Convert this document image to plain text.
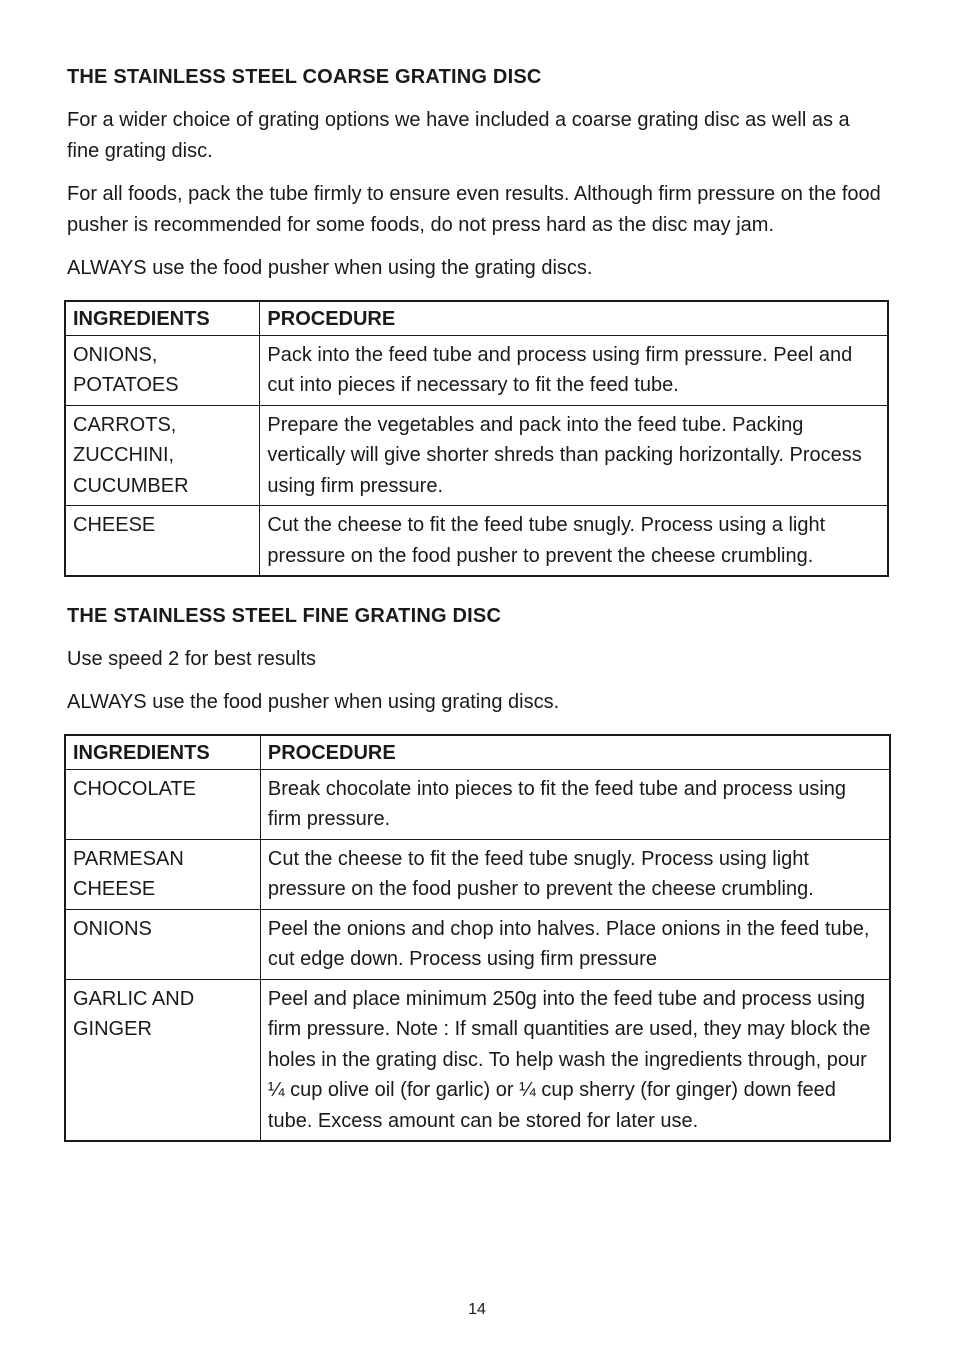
THE STAINLESS STEEL COARSE GRATING DISC

For a wider choice of grating options we have included a coarse grating disc as well as a fine grating disc.

For all foods, pack the tube firmly to ensure even results. Although firm pressure on the food pusher is recommended for some foods, do not press hard as the disc may jam.

ALWAYS use the food pusher when using the grating discs.

INGREDIENTS	PROCEDURE

ONIONS,
POTATOES	Pack into the feed tube and process using firm pressure. Peel and cut into pieces if necessary to fit the feed tube.

CARROTS,
ZUCCHINI,
CUCUMBER	Prepare the vegetables and pack into the feed tube. Packing vertically will give shorter shreds than packing horizontally. Process using firm pressure.

CHEESE	Cut the cheese to fit the feed tube snugly. Process using a light pressure on the food pusher to prevent the cheese crumbling.
THE STAINLESS STEEL FINE GRATING DISC

Use speed 2 for best results

ALWAYS use the food pusher when using grating discs.

INGREDIENTS	PROCEDURE

CHOCOLATE	Break chocolate into pieces to fit the feed tube and process using firm pressure.

PARMESAN
CHEESE	Cut the cheese to fit the feed tube snugly. Process using light pressure on the food pusher to prevent the cheese crumbling.

ONIONS	Peel the onions and chop into halves. Place onions in the feed tube, cut edge down. Process using firm pressure

GARLIC AND
GINGER	Peel and place minimum 250g into the feed tube and process using firm pressure. Note : If small quantities are used, they may block the holes in the grating disc. To help wash the ingredients through, pour ¼ cup olive oil (for garlic) or ¼ cup sherry (for ginger) down feed tube. Excess amount can be stored for later use.

14
